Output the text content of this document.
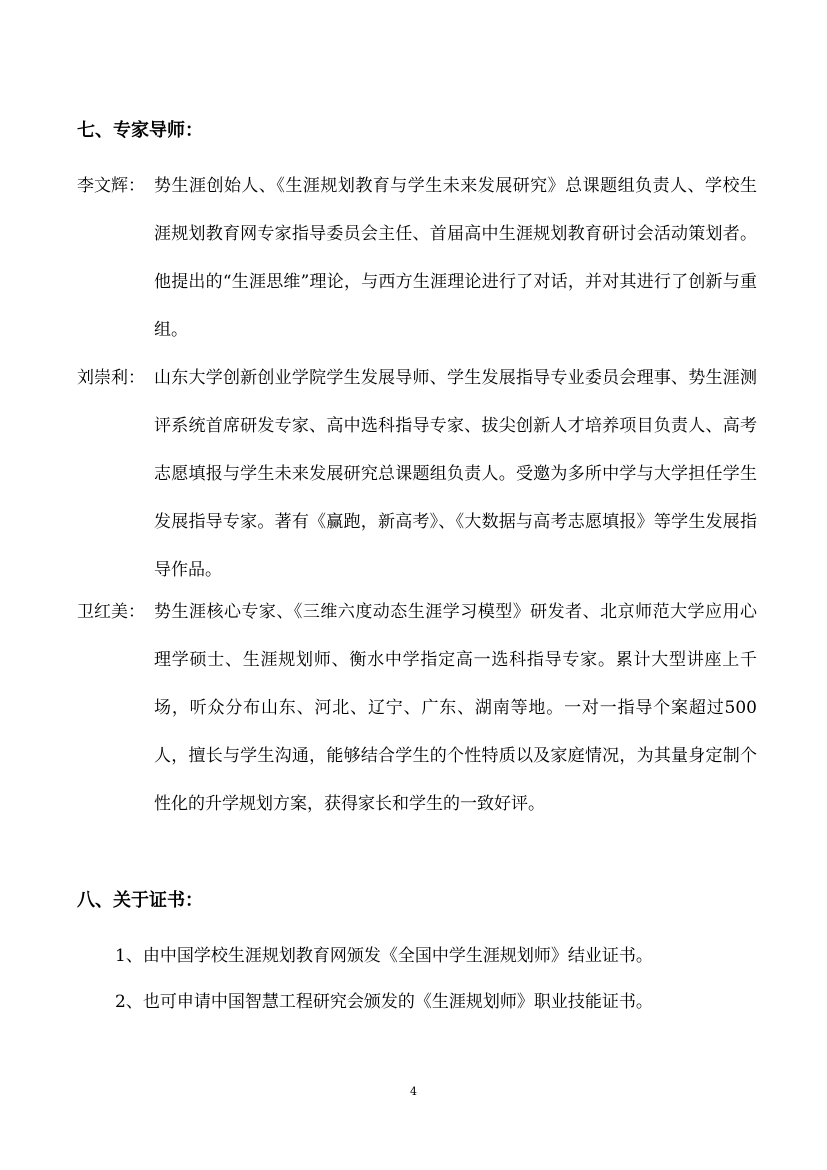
七、专家导师：
李文辉： 势生涯创始人、《生涯规划教育与学生未来发展研究》总课题组负责人、学校生涯规划教育网专家指导委员会主任、首届高中生涯规划教育研讨会活动策划者。他提出的“生涯思维”理论，与西方生涯理论进行了对话，并对其进行了创新与重组。
刘崇利： 山东大学创新创业学院学生发展导师、学生发展指导专业委员会理事、势生涯测评系统首席研发专家、高中选科指导专家、拔尖创新人才培养项目负责人、高考志愿填报与学生未来发展研究总课题组负责人。受邀为多所中学与大学担任学生发展指导专家。著有《赢跑，新高考》、《大数据与高考志愿填报》等学生发展指导作品。
卫红美： 势生涯核心专家、《三维六度动态生涯学习模型》研发者、北京师范大学应用心理学硕士、生涯规划师、衡水中学指定高一选科指导专家。累计大型讲座上千场，听众分布山东、河北、辽宁、广东、湖南等地。一对一指导个案超过500人，擅长与学生沟通，能够结合学生的个性特质以及家庭情况，为其量身定制个性化的升学规划方案，获得家长和学生的一致好评。
八、关于证书：
1、由中国学校生涯规划教育网颁发《全国中学生涯规划师》结业证书。
2、也可申请中国智慧工程研究会颁发的《生涯规划师》职业技能证书。
4
